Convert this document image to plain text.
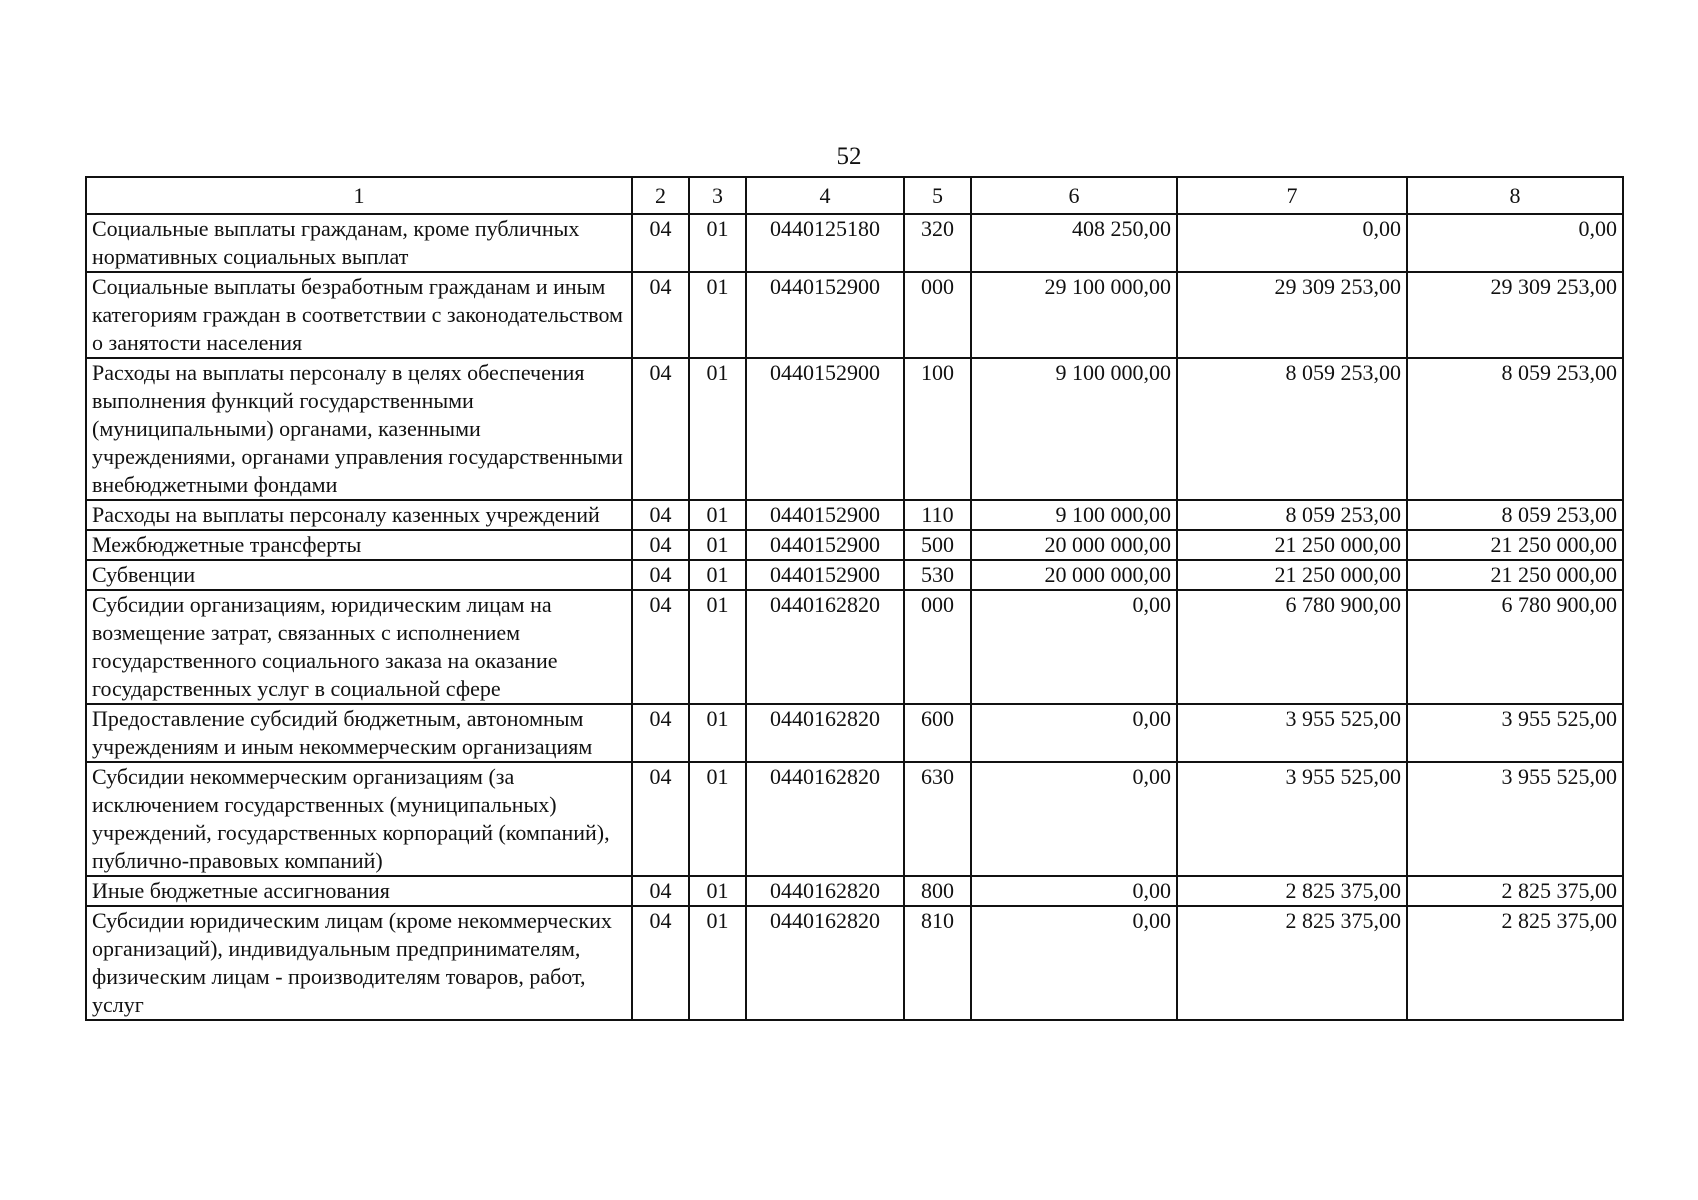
52
1	2	3	4	5	6	7	8
Социальные выплаты гражданам, кроме публичных нормативных социальных выплат	04	01	0440125180	320	408 250,00	0,00	0,00
Социальные выплаты безработным гражданам и иным категориям граждан в соответствии с законодательством о занятости населения	04	01	0440152900	000	29 100 000,00	29 309 253,00	29 309 253,00
Расходы на выплаты персоналу в целях обеспечения выполнения функций государственными (муниципальными) органами, казенными учреждениями, органами управления государственными внебюджетными фондами	04	01	0440152900	100	9 100 000,00	8 059 253,00	8 059 253,00
Расходы на выплаты персоналу казенных учреждений	04	01	0440152900	110	9 100 000,00	8 059 253,00	8 059 253,00
Межбюджетные трансферты	04	01	0440152900	500	20 000 000,00	21 250 000,00	21 250 000,00
Субвенции	04	01	0440152900	530	20 000 000,00	21 250 000,00	21 250 000,00
Субсидии организациям, юридическим лицам на возмещение затрат, связанных с исполнением государственного социального заказа на оказание государственных услуг в социальной сфере	04	01	0440162820	000	0,00	6 780 900,00	6 780 900,00
Предоставление субсидий бюджетным, автономным учреждениям и иным некоммерческим организациям	04	01	0440162820	600	0,00	3 955 525,00	3 955 525,00
Субсидии некоммерческим организациям (за исключением государственных (муниципальных) учреждений, государственных корпораций (компаний), публично-правовых компаний)	04	01	0440162820	630	0,00	3 955 525,00	3 955 525,00
Иные бюджетные ассигнования	04	01	0440162820	800	0,00	2 825 375,00	2 825 375,00
Субсидии юридическим лицам (кроме некоммерческих организаций), индивидуальным предпринимателям, физическим лицам - производителям товаров, работ, услуг	04	01	0440162820	810	0,00	2 825 375,00	2 825 375,00
